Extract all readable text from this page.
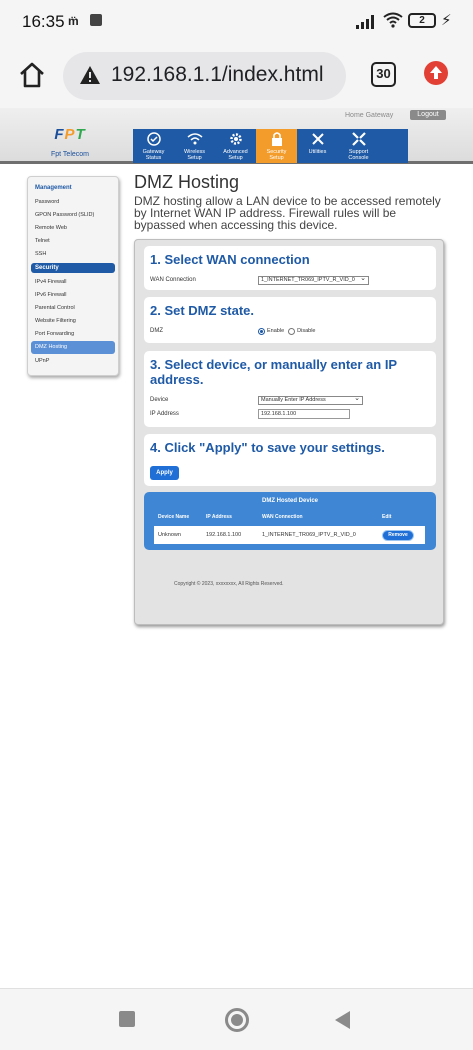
16:35 m̈	2	⚡
192.168.1.1/index.html	30
Home Gateway	Logout
FPT
Fpt Telecom	Gateway
Status
Wireless
Setup
Advanced
Setup
Security
Setup
Utilities	Support
Console
Management
Password
GPON Password (SLID)
Remote Web
Telnet
SSH
Security
IPv4 Firewall
IPv6 Firewall
Parental Control
Website Filtering
Port Forwarding
DMZ Hosting
UPnP
DMZ Hosting
DMZ hosting allow a LAN device to be accessed remotely by Internet WAN IP address. Firewall rules will be bypassed when accessing this device.
1. Select WAN connection
WAN Connection	1_INTERNET_TR069_IPTV_R_VID_0 ⌄
2. Set DMZ state.
DMZ	Enable Disable
3. Select device, or manually enter an IP address.
Device	Manually Enter IP Address ⌄
IP Address	192.168.1.100
4. Click "Apply" to save your settings.
Apply
DMZ Hosted Device
Device Name	IP Address	WAN Connection	Edit
Unknown	192.168.1.100	1_INTERNET_TR069_IPTV_R_VID_0	Remove
Copyright © 2023, xxxxxxxx, All Rights Reserved.
